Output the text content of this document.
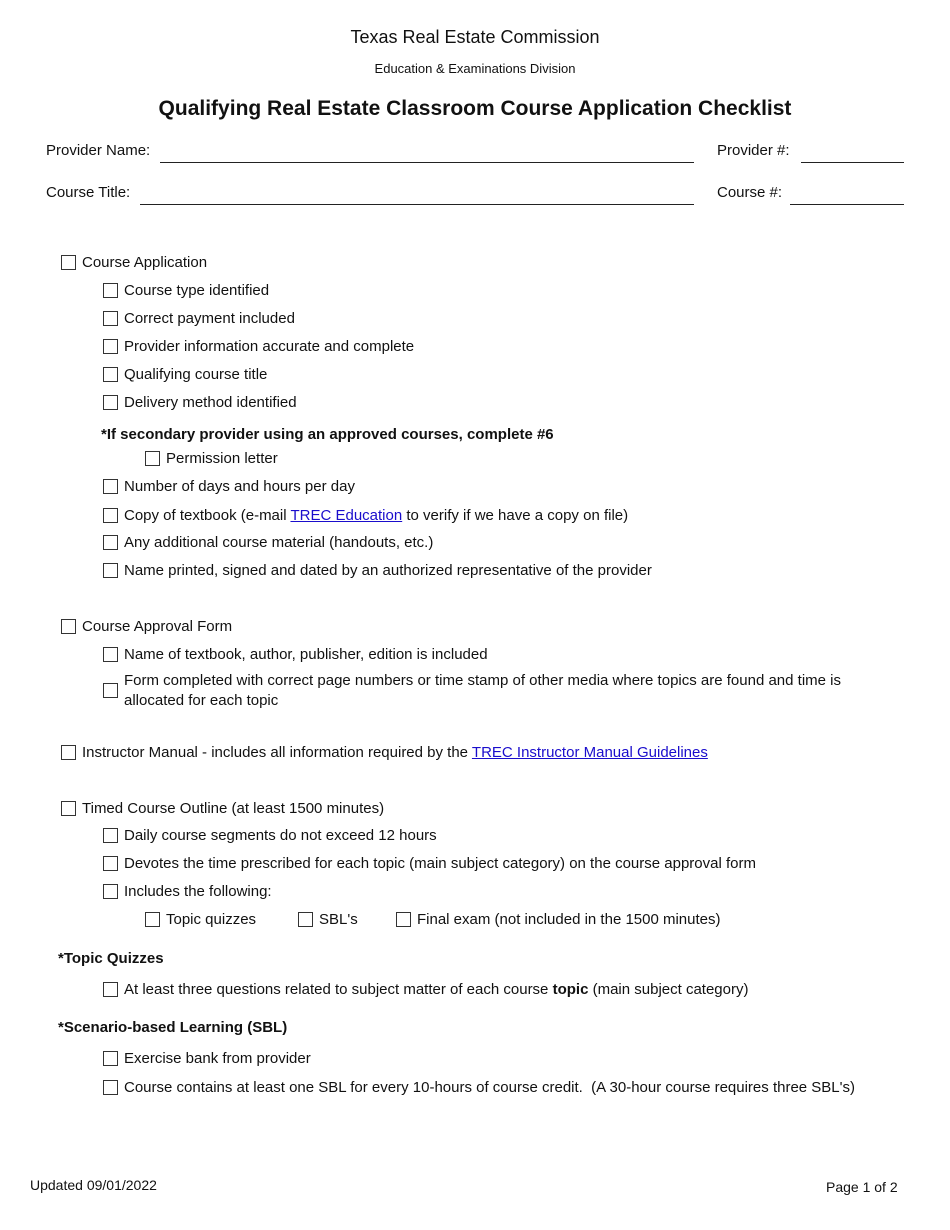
Texas Real Estate Commission
Education & Examinations Division
Qualifying Real Estate Classroom Course Application Checklist
Provider Name:	Provider #:
Course Title:	Course #:
Course Application
Course type identified
Correct payment included
Provider information accurate and complete
Qualifying course title
Delivery method identified
*If secondary provider using an approved courses, complete #6
Permission letter
Number of days and hours per day
Copy of textbook (e-mail TREC Education to verify if we have a copy on file)
Any additional course material (handouts, etc.)
Name printed, signed and dated by an authorized representative of the provider
Course Approval Form
Name of textbook, author, publisher, edition is included
Form completed with correct page numbers or time stamp of other media where topics are found and time is allocated for each topic
Instructor Manual - includes all information required by the TREC Instructor Manual Guidelines
Timed Course Outline (at least 1500 minutes)
Daily course segments do not exceed 12 hours
Devotes the time prescribed for each topic (main subject category) on the course approval form
Includes the following:
Topic quizzes	SBL's	Final exam (not included in the 1500 minutes)
*Topic Quizzes
At least three questions related to subject matter of each course topic (main subject category)
*Scenario-based Learning (SBL)
Exercise bank from provider
Course contains at least one SBL for every 10-hours of course credit.  (A 30-hour course requires three SBL's)
Updated 09/01/2022	Page 1 of 2
